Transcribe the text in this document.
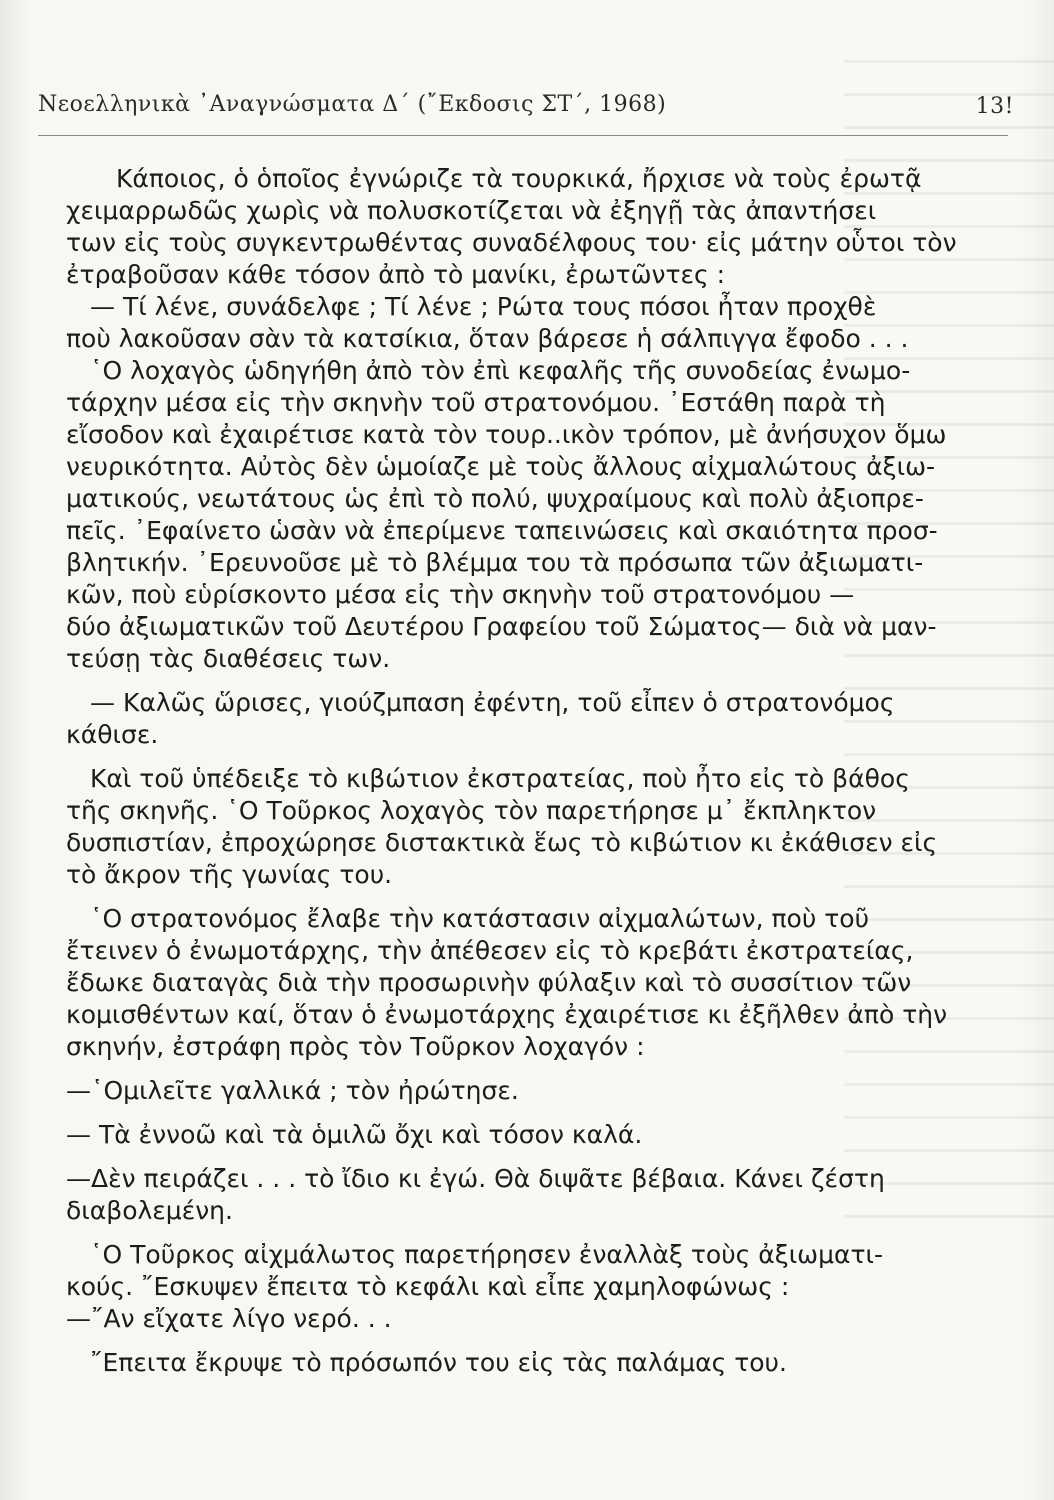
Νεοελληνικὰ ᾿Αναγνώσματα Δ΄ (῎Εκδοσις ΣΤ΄, 1968)	13!
Κάποιος, ὁ ὁποῖος ἐγνώριζε τὰ τουρκικά, ἤρχισε νὰ τοὺς ἐρωτᾷ
χειμαρρωδῶς χωρὶς νὰ πολυσκοτίζεται νὰ ἐξηγῇ τὰς ἀπαντήσει
των εἰς τοὺς συγκεντρωθέντας συναδέλφους του· εἰς μάτην οὗτοι τὸν
ἐτραβοῦσαν κάθε τόσον ἀπὸ τὸ μανίκι, ἐρωτῶντες :
— Τί λένε, συνάδελφε ; Τί λένε ; Ρώτα τους πόσοι ἦταν προχθὲ
ποὺ λακοῦσαν σὰν τὰ κατσίκια, ὅταν βάρεσε ἡ σάλπιγγα ἔφοδο . . .
῾Ο λοχαγὸς ὡδηγήθη ἀπὸ τὸν ἐπὶ κεφαλῆς τῆς συνοδείας ἐνωμο-
τάρχην μέσα εἰς τὴν σκηνὴν τοῦ στρατονόμου. ᾿Εστάθη παρὰ τὴ
εἴσοδον καὶ ἐχαιρέτισε κατὰ τὸν τουρ..ικὸν τρόπον, μὲ ἀνήσυχον ὅμω
νευρικότητα. Αὐτὸς δὲν ὡμοίαζε μὲ τοὺς ἄλλους αἰχμαλώτους ἀξιω-
ματικούς, νεωτάτους ὡς ἐπὶ τὸ πολύ, ψυχραίμους καὶ πολὺ ἀξιοπρε-
πεῖς. ᾿Εφαίνετο ὡσὰν νὰ ἐπερίμενε ταπεινώσεις καὶ σκαιότητα προσ-
βλητικήν. ᾿Ερευνοῦσε μὲ τὸ βλέμμα του τὰ πρόσωπα τῶν ἀξιωματι-
κῶν, ποὺ εὑρίσκοντο μέσα εἰς τὴν σκηνὴν τοῦ στρατονόμου —
δύο ἀξιωματικῶν τοῦ Δευτέρου Γραφείου τοῦ Σώματος— διὰ νὰ μαν-
τεύσῃ τὰς διαθέσεις των.
— Καλῶς ὥρισες, γιούζμπαση ἐφέντη, τοῦ εἶπεν ὁ στρατονόμος
κάθισε.
Καὶ τοῦ ὑπέδειξε τὸ κιβώτιον ἐκστρατείας, ποὺ ἦτο εἰς τὸ βάθος
τῆς σκηνῆς. ῾Ο Τοῦρκος λοχαγὸς τὸν παρετήρησε μ᾿ ἔκπληκτον
δυσπιστίαν, ἐπροχώρησε διστακτικὰ ἕως τὸ κιβώτιον κι ἐκάθισεν εἰς
τὸ ἄκρον τῆς γωνίας του.
῾Ο στρατονόμος ἔλαβε τὴν κατάστασιν αἰχμαλώτων, ποὺ τοῦ
ἔτεινεν ὁ ἐνωμοτάρχης, τὴν ἀπέθεσεν εἰς τὸ κρεβάτι ἐκστρατείας,
ἔδωκε διαταγὰς διὰ τὴν προσωρινὴν φύλαξιν καὶ τὸ συσσίτιον τῶν
κομισθέντων καί, ὅταν ὁ ἐνωμοτάρχης ἐχαιρέτισε κι ἐξῆλθεν ἀπὸ τὴν
σκηνήν, ἐστράφη πρὸς τὸν Τοῦρκον λοχαγόν :
—῾Ομιλεῖτε γαλλικά ; τὸν ἠρώτησε.
— Τὰ ἐννοῶ καὶ τὰ ὁμιλῶ ὄχι καὶ τόσον καλά.
—Δὲν πειράζει . . . τὸ ἴδιο κι ἐγώ. Θὰ διψᾶτε βέβαια. Κάνει ζέστη
διαβολεμένη.
῾Ο Τοῦρκος αἰχμάλωτος παρετήρησεν ἐναλλὰξ τοὺς ἀξιωματι-
κούς. ῎Εσκυψεν ἔπειτα τὸ κεφάλι καὶ εἶπε χαμηλοφώνως :
—῎Αν εἴχατε λίγο νερό. . .
῎Επειτα ἔκρυψε τὸ πρόσωπόν του εἰς τὰς παλάμας του.
